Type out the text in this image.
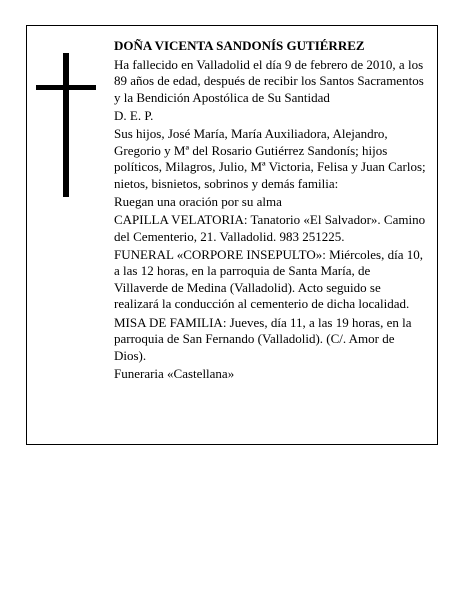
DOÑA VICENTA SANDONÍS GUTIÉRREZ

Ha fallecido en Valladolid el día 9 de febrero de 2010, a los 89 años de edad, después de recibir los Santos Sacramentos y la Bendición Apostólica de Su Santidad

D. E. P.

Sus hijos, José María, María Auxiliadora, Alejandro, Gregorio y Mª del Rosario Gutiérrez Sandonís; hijos políticos, Milagros, Julio, Mª Victoria, Felisa y Juan Carlos; nietos, bisnietos, sobrinos y demás familia:

Ruegan una oración por su alma

CAPILLA VELATORIA: Tanatorio «El Salvador». Camino del Cementerio, 21. Valladolid. 983 251225.

FUNERAL «CORPORE INSEPULTO»: Miércoles, día 10, a las 12 horas, en la parroquia de Santa María, de Villaverde de Medina (Valladolid). Acto seguido se realizará la conducción al cementerio de dicha localidad.

MISA DE FAMILIA: Jueves, día 11, a las 19 horas, en la parroquia de San Fernando (Valladolid). (C/. Amor de Dios).

Funeraria «Castellana»
